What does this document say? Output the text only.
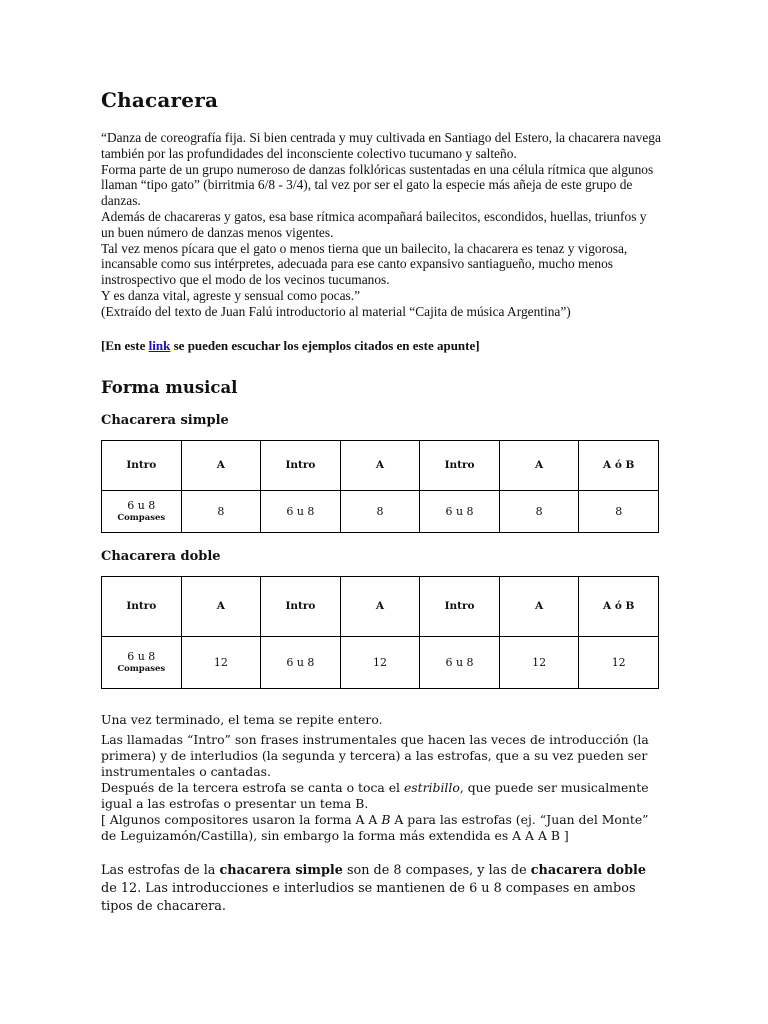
Chacarera

“Danza de coreografía fija. Si bien centrada y muy cultivada en Santiago del Estero, la chacarera navega también por las profundidades del inconsciente colectivo tucumano y salteño.

Forma parte de un grupo numeroso de danzas folklóricas sustentadas en una célula rítmica que algunos llaman “tipo gato” (birritmia 6/8 - 3/4), tal vez por ser el gato la especie más añeja de este grupo de danzas.

Además de chacareras y gatos, esa base rítmica acompañará bailecitos, escondidos, huellas, triunfos y un buen número de danzas menos vigentes.

Tal vez menos pícara que el gato o menos tierna que un bailecito, la chacarera es tenaz y vigorosa, incansable como sus intérpretes, adecuada para ese canto expansivo santiagueño, mucho menos instrospectivo que el modo de los vecinos tucumanos.

Y es danza vital, agreste y sensual como pocas.”

(Extraído del texto de Juan Falú introductorio al material “Cajita de música Argentina”)

[En este link se pueden escuchar los ejemplos citados en este apunte]

Forma musical
Chacarera simple
Intro	A	Intro	A	Intro	A	A ó B

6 u 8
Compases	8	6 u 8	8	6 u 8	8	8
Chacarera doble
Intro	A	Intro	A	Intro	A	A ó B

6 u 8
Compases	12	6 u 8	12	6 u 8	12	12

Una vez terminado, el tema se repite entero.

Las llamadas “Intro” son frases instrumentales que hacen las veces de introducción (la primera) y de interludios (la segunda y tercera) a las estrofas, que a su vez pueden ser instrumentales o cantadas.

Después de la tercera estrofa se canta o toca el estribillo, que puede ser musicalmente igual a las estrofas o presentar un tema B.

[ Algunos compositores usaron la forma A A B A para las estrofas (ej. “Juan del Monte” de Leguizamón/Castilla), sin embargo la forma más extendida es A A A B ]

Las estrofas de la chacarera simple son de 8 compases, y las de chacarera doble de 12. Las introducciones e interludios se mantienen de 6 u 8 compases en ambos tipos de chacarera.
